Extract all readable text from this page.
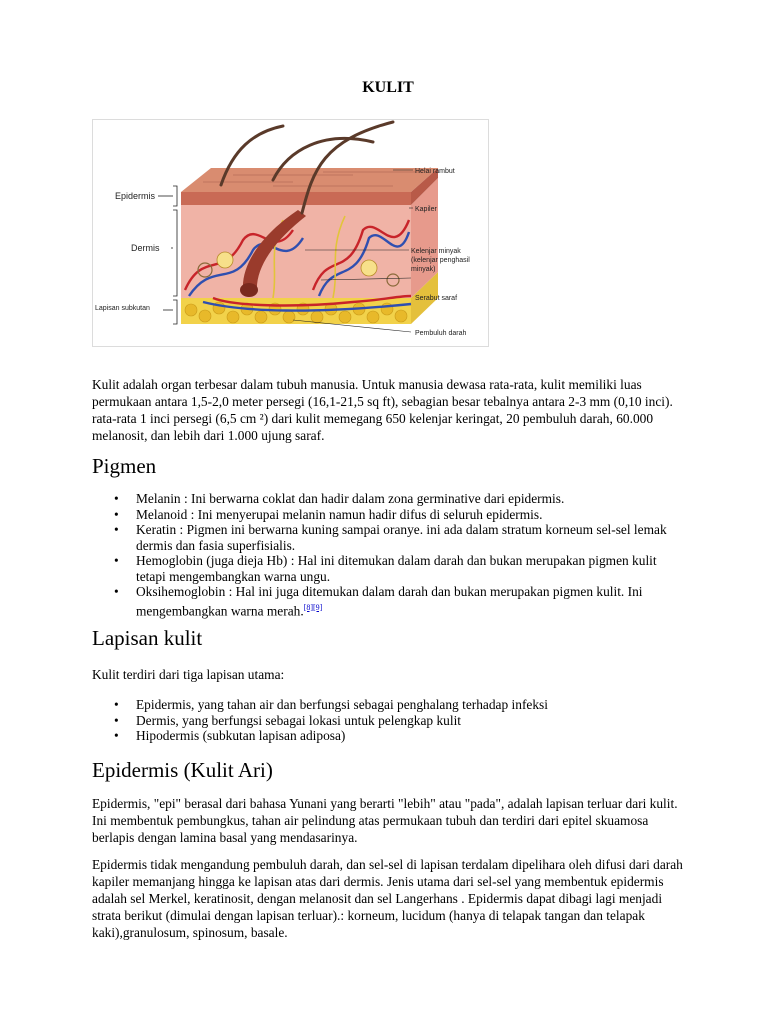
KULIT
Epidermis
Dermis
Lapisan subkutan
Helai rambut
Kapiler
Kelenjar minyak
(kelenjar penghasil
minyak)
Serabut saraf
Pembuluh darah
Kulit adalah organ terbesar dalam tubuh manusia. Untuk manusia dewasa rata-rata, kulit memiliki luas permukaan antara 1,5-2,0 meter persegi (16,1-21,5 sq ft), sebagian besar tebalnya antara 2-3 mm (0,10 inci). rata-rata 1 inci persegi (6,5 cm ²) dari kulit memegang 650 kelenjar keringat, 20 pembuluh darah, 60.000 melanosit, dan lebih dari 1.000 ujung saraf.
Pigmen
• Melanin : Ini berwarna coklat dan hadir dalam zona germinative dari epidermis.
• Melanoid : Ini menyerupai melanin namun hadir difus di seluruh epidermis.
• Keratin : Pigmen ini berwarna kuning sampai oranye. ini ada dalam stratum korneum sel-sel lemak dermis dan fasia superfisialis.
• Hemoglobin (juga dieja Hb) : Hal ini ditemukan dalam darah dan bukan merupakan pigmen kulit tetapi mengembangkan warna ungu.
• Oksihemoglobin : Hal ini juga ditemukan dalam darah dan bukan merupakan pigmen kulit. Ini mengembangkan warna merah.[8][9]
Lapisan kulit
Kulit terdiri dari tiga lapisan utama:
• Epidermis, yang tahan air dan berfungsi sebagai penghalang terhadap infeksi
• Dermis, yang berfungsi sebagai lokasi untuk pelengkap kulit
• Hipodermis (subkutan lapisan adiposa)
Epidermis (Kulit Ari)
Epidermis, "epi" berasal dari bahasa Yunani yang berarti "lebih" atau "pada", adalah lapisan terluar dari kulit. Ini membentuk pembungkus, tahan air pelindung atas permukaan tubuh dan terdiri dari epitel skuamosa berlapis dengan lamina basal yang mendasarinya.
Epidermis tidak mengandung pembuluh darah, dan sel-sel di lapisan terdalam dipelihara oleh difusi dari darah kapiler memanjang hingga ke lapisan atas dari dermis. Jenis utama dari sel-sel yang membentuk epidermis adalah sel Merkel, keratinosit, dengan melanosit dan sel Langerhans . Epidermis dapat dibagi lagi menjadi strata berikut (dimulai dengan lapisan terluar).: korneum, lucidum (hanya di telapak tangan dan telapak kaki),granulosum, spinosum, basale.
